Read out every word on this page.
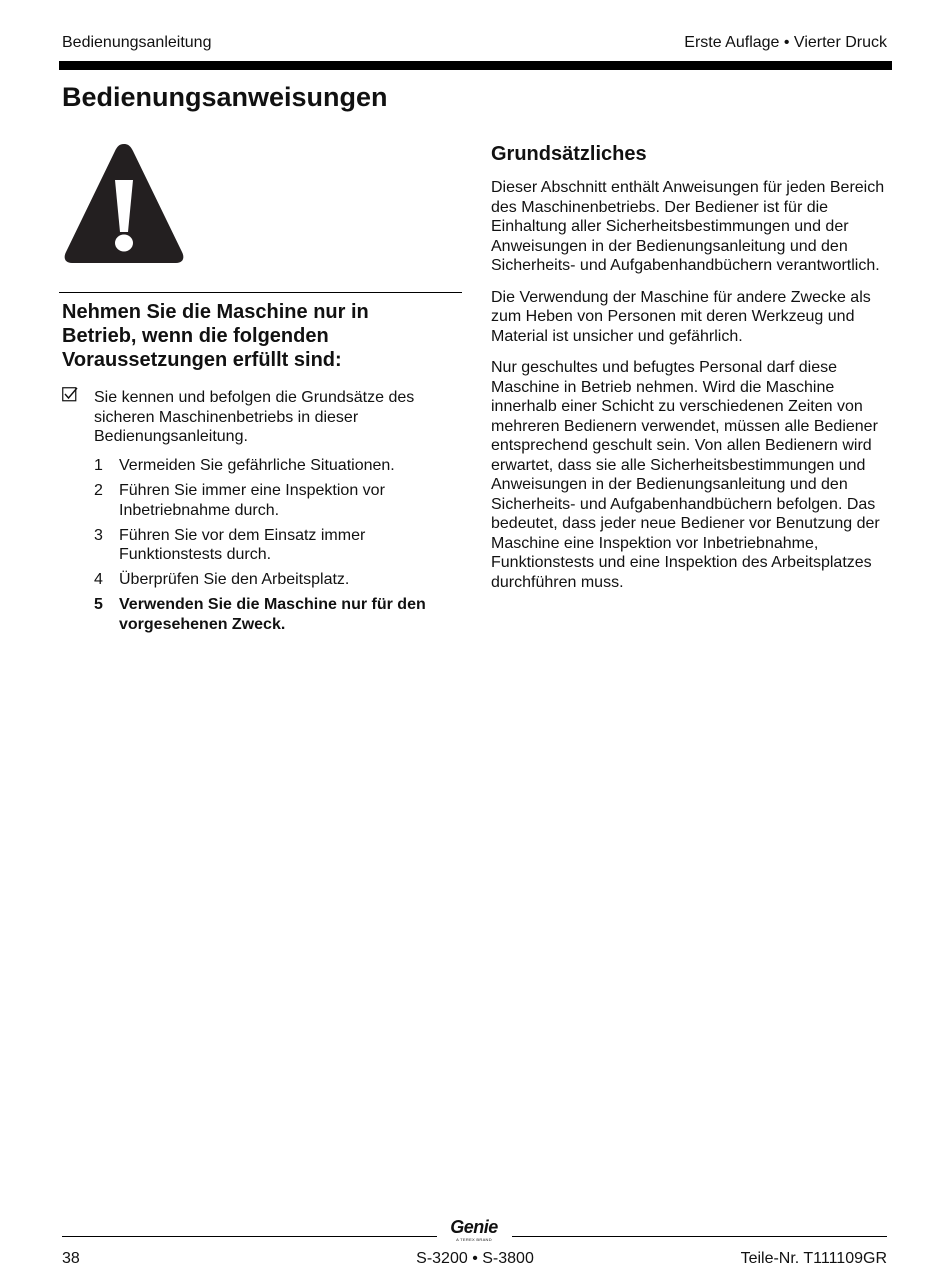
Bedienungsanleitung	Erste Auflage • Vierter Druck
Bedienungsanweisungen
Nehmen Sie die Maschine nur in Betrieb, wenn die folgenden Voraussetzungen erfüllt sind:
Sie kennen und befolgen die Grundsätze des sicheren Maschinenbetriebs in dieser Bedienungsanleitung.
1 Vermeiden Sie gefährliche Situationen.
2 Führen Sie immer eine Inspektion vor Inbetriebnahme durch.
3 Führen Sie vor dem Einsatz immer Funktionstests durch.
4 Überprüfen Sie den Arbeitsplatz.
5 Verwenden Sie die Maschine nur für den vorgesehenen Zweck.
Grundsätzliches

Dieser Abschnitt enthält Anweisungen für jeden Bereich des Maschinenbetriebs. Der Bediener ist für die Einhaltung aller Sicherheitsbestimmungen und der Anweisungen in der Bedienungsanleitung und den Sicherheits- und Aufgabenhandbüchern verantwortlich.

Die Verwendung der Maschine für andere Zwecke als zum Heben von Personen mit deren Werkzeug und Material ist unsicher und gefährlich.

Nur geschultes und befugtes Personal darf diese Maschine in Betrieb nehmen. Wird die Maschine innerhalb einer Schicht zu verschiedenen Zeiten von mehreren Bedienern verwendet, müssen alle Bediener entsprechend geschult sein. Von allen Bedienern wird erwartet, dass sie alle Sicherheitsbestimmungen und Anweisungen in der Bedienungsanleitung und den Sicherheits- und Aufgabenhandbüchern befolgen. Das bedeutet, dass jeder neue Bediener vor Benutzung der Maschine eine Inspektion vor Inbetriebnahme, Funktionstests und eine Inspektion des Arbeitsplatzes durchführen muss.

Genie
A TEREX BRAND
38	S-3200 • S-3800	Teile-Nr. T111109GR
